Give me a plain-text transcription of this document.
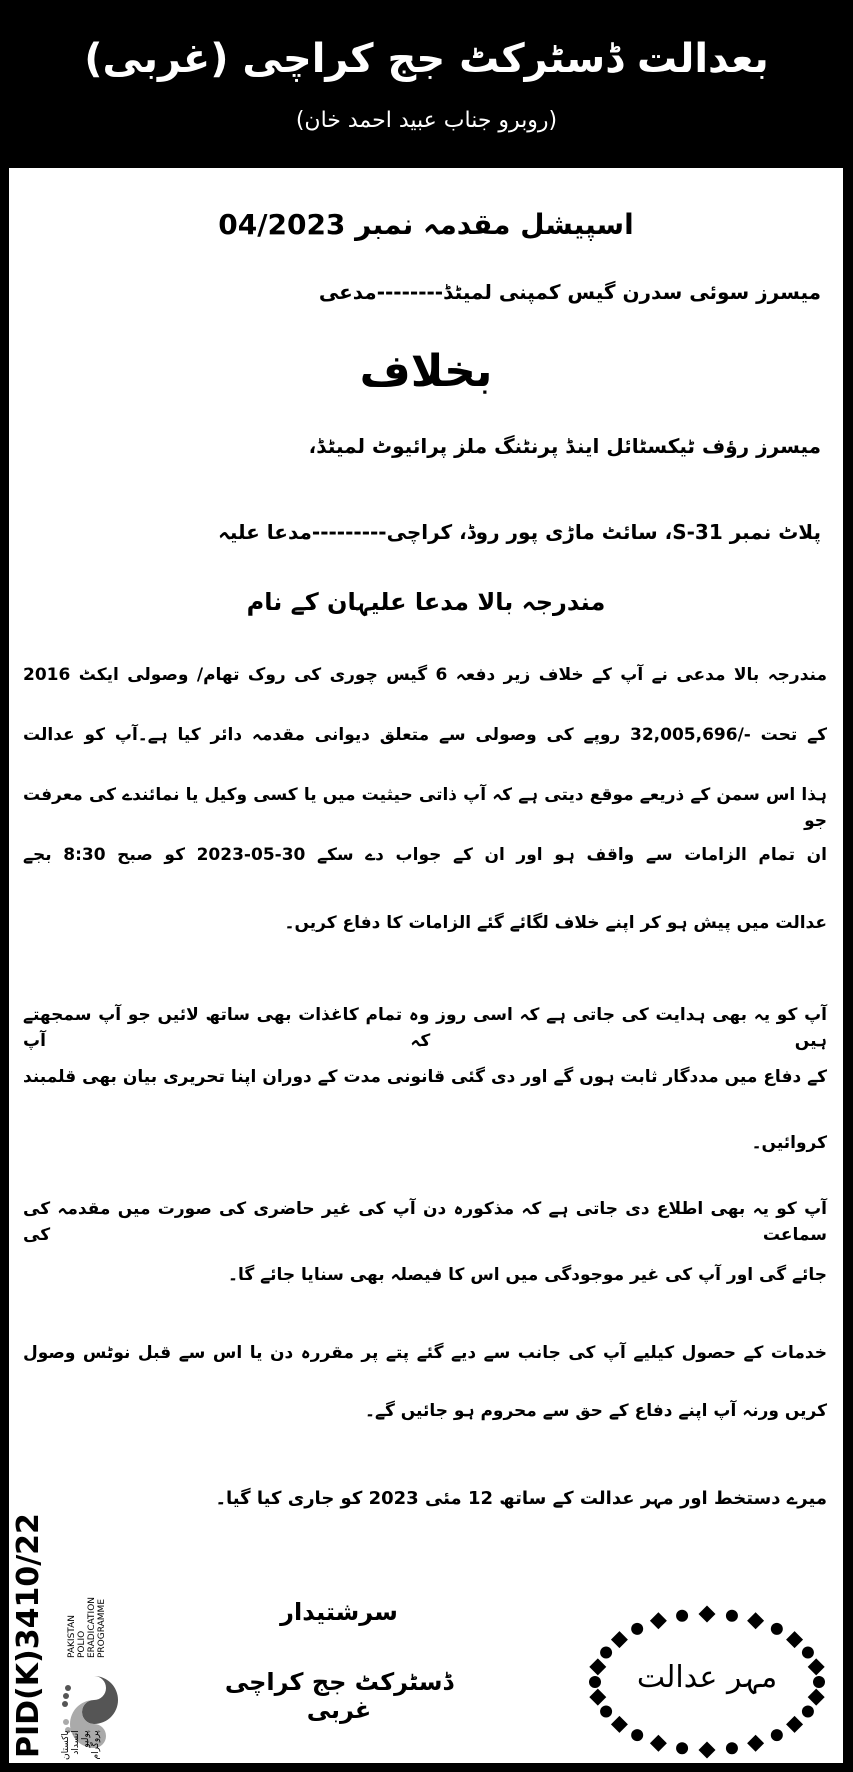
بعدالت ڈسٹرکٹ جج کراچی (غربی)
(روبرو جناب عبید احمد خان)
اسپیشل مقدمہ نمبر 04/2023
میسرز سوئی سدرن گیس کمپنی لمیٹڈ--------مدعی
بخلاف
میسرز رؤف ٹیکسٹائل اینڈ پرنٹنگ ملز پرائیوٹ لمیٹڈ،
پلاٹ نمبر S-31، سائٹ ماڑی پور روڈ، کراچی---------مدعا علیہ
مندرجہ بالا مدعا علیہان کے نام
مندرجہ بالا مدعی نے آپ کے خلاف زیر دفعہ 6 گیس چوری کی روک تھام/ وصولی ایکٹ 2016
کے تحت -/32,005,696 روپے کی وصولی سے متعلق دیوانی مقدمہ دائر کیا ہے۔آپ کو عدالت
ہذا اس سمن کے ذریعے موقع دیتی ہے کہ آپ ذاتی حیثیت میں یا کسی وکیل یا نمائندے کی معرفت جو
ان تمام الزامات سے واقف ہو اور ان کے جواب دے سکے 30-05-2023 کو صبح 8:30 بجے
عدالت میں پیش ہو کر اپنے خلاف لگائے گئے الزامات کا دفاع کریں۔
آپ کو یہ بھی ہدایت کی جاتی ہے کہ اسی روز وہ تمام کاغذات بھی ساتھ لائیں جو آپ سمجھتے ہیں کہ آپ
کے دفاع میں مددگار ثابت ہوں گے اور دی گئی قانونی مدت کے دوران اپنا تحریری بیان بھی قلمبند
کروائیں۔
آپ کو یہ بھی اطلاع دی جاتی ہے کہ مذکورہ دن آپ کی غیر حاضری کی صورت میں مقدمہ کی سماعت کی
جائے گی اور آپ کی غیر موجودگی میں اس کا فیصلہ بھی سنایا جائے گا۔
خدمات کے حصول کیلیے آپ کی جانب سے دیے گئے پتے پر مقررہ دن یا اس سے قبل نوٹس وصول
کریں ورنہ آپ اپنے دفاع کے حق سے محروم ہو جائیں گے۔
میرے دستخط اور مہر عدالت کے ساتھ 12 مئی 2023 کو جاری کیا گیا۔
سرشتیدار
ڈسٹرکٹ جج کراچی غربی
مہر عدالت
PID(K)3410/22 PAKISTAN POLIO ERADICATION PROGRAMME
پاکستان انسداد پولیو پروگرام
